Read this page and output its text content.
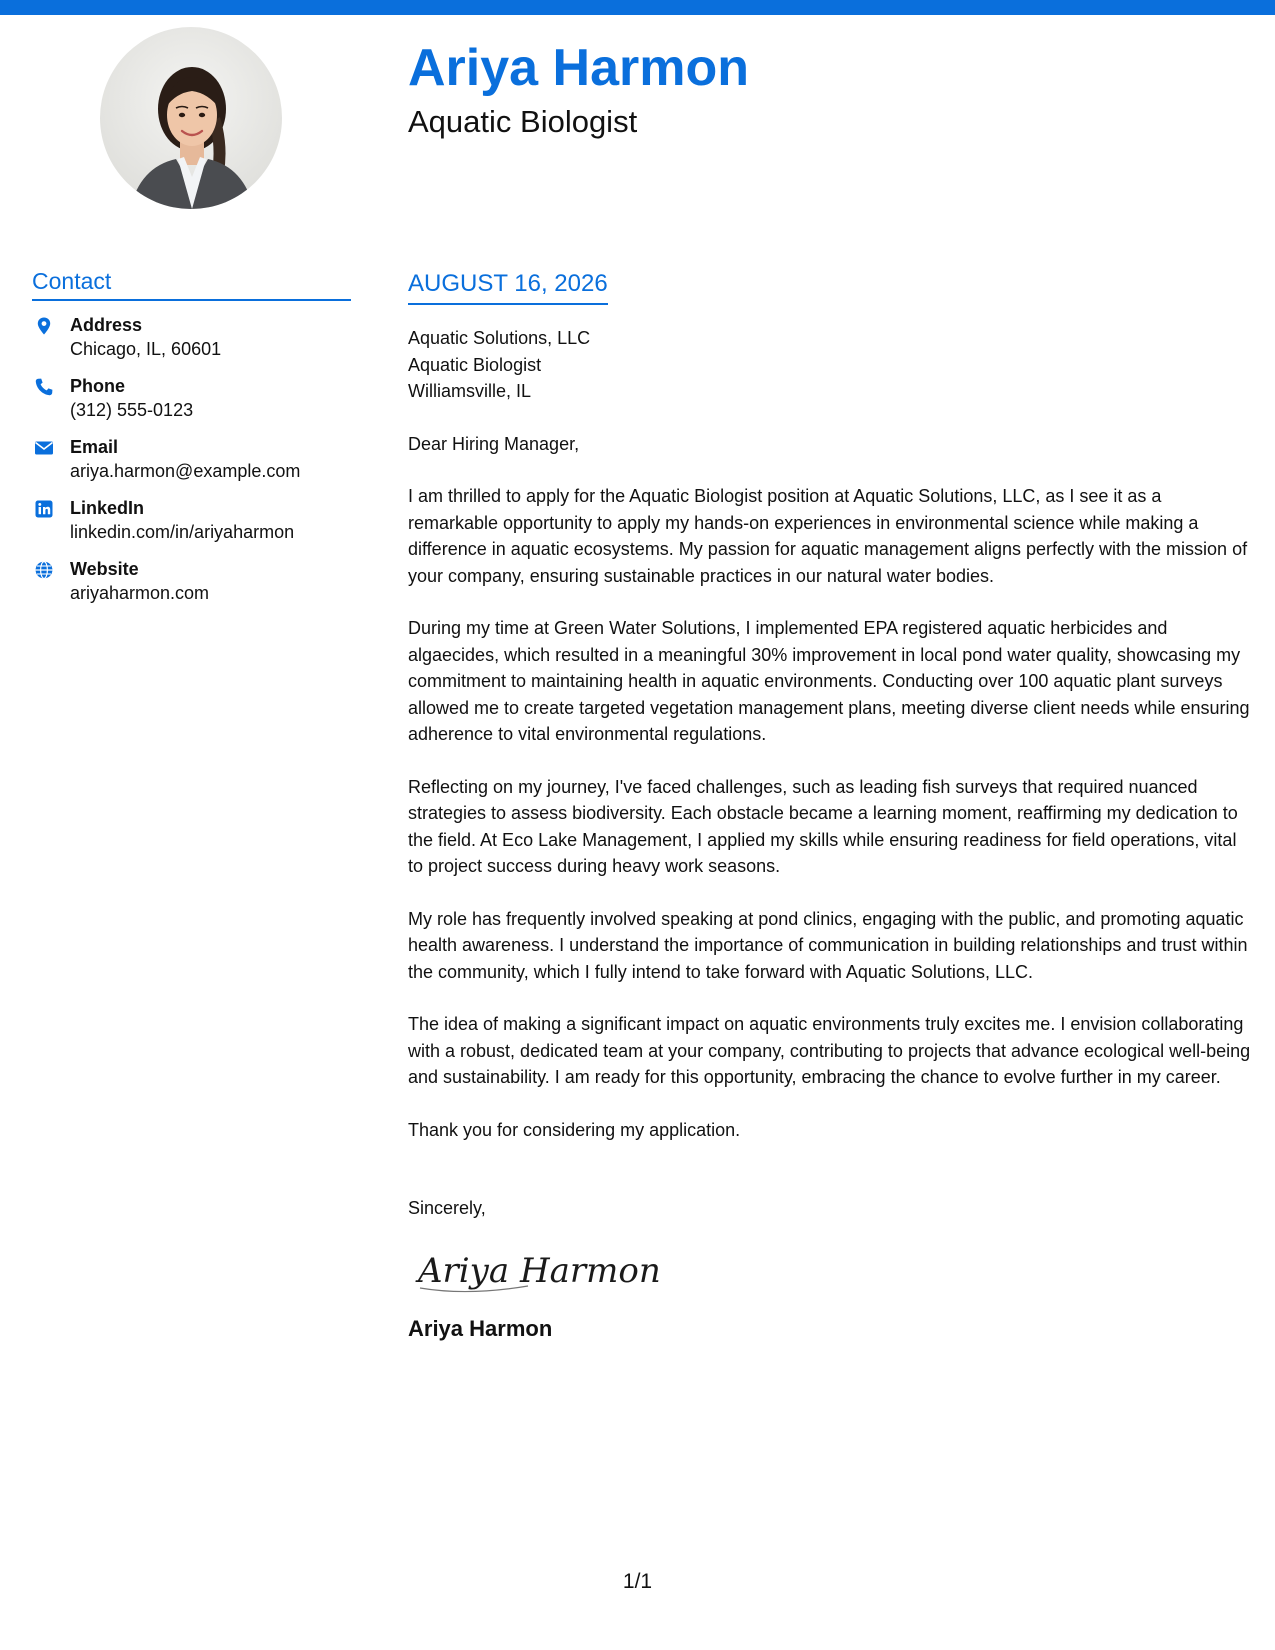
Ariya Harmon
Aquatic Biologist
Contact
Address
Chicago, IL, 60601
Phone
(312) 555-0123
Email
ariya.harmon@example.com
LinkedIn
linkedin.com/in/ariyaharmon
Website
ariyaharmon.com
AUGUST 16, 2026
Aquatic Solutions, LLC
Aquatic Biologist
Williamsville, IL
Dear Hiring Manager,
I am thrilled to apply for the Aquatic Biologist position at Aquatic Solutions, LLC, as I see it as a remarkable opportunity to apply my hands-on experiences in environmental science while making a difference in aquatic ecosystems. My passion for aquatic management aligns perfectly with the mission of your company, ensuring sustainable practices in our natural water bodies.
During my time at Green Water Solutions, I implemented EPA registered aquatic herbicides and algaecides, which resulted in a meaningful 30% improvement in local pond water quality, showcasing my commitment to maintaining health in aquatic environments. Conducting over 100 aquatic plant surveys allowed me to create targeted vegetation management plans, meeting diverse client needs while ensuring adherence to vital environmental regulations.
Reflecting on my journey, I've faced challenges, such as leading fish surveys that required nuanced strategies to assess biodiversity. Each obstacle became a learning moment, reaffirming my dedication to the field. At Eco Lake Management, I applied my skills while ensuring readiness for field operations, vital to project success during heavy work seasons.
My role has frequently involved speaking at pond clinics, engaging with the public, and promoting aquatic health awareness. I understand the importance of communication in building relationships and trust within the community, which I fully intend to take forward with Aquatic Solutions, LLC.
The idea of making a significant impact on aquatic environments truly excites me. I envision collaborating with a robust, dedicated team at your company, contributing to projects that advance ecological well-being and sustainability. I am ready for this opportunity, embracing the chance to evolve further in my career.
Thank you for considering my application.
Sincerely,
Ariya Harmon
Ariya Harmon
1/1
